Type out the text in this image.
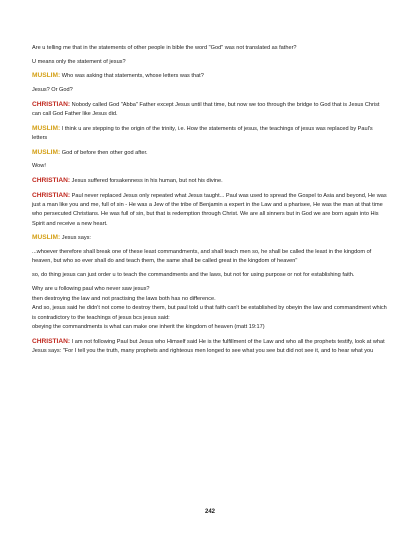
Are u telling me that in the statements of other people in bible the word "God" was not translated as father?

U means only the statement of jesus?

MUSLIM: Who was asking that statements, whose letters was that?

Jesus? Or God?

CHRISTIAN: Nobody called God "Abba" Father except Jesus until that time, but now we too through the bridge to God that is Jesus Christ can call God Father like Jesus did.

MUSLIM: I think u are stepping to the origin of the trinity, i.e. How the statements of jesus, the teachings of jesus was replaced by Paul's letters

MUSLIM: God of before then other god after.

Wow!

CHRISTIAN: Jesus suffered forsakenness in his human, but not his divine.

CHRISTIAN: Paul never replaced Jesus only repeated what Jesus taught... Paul was used to spread the Gospel to Asia and beyond, He was just a man like you and me, full of sin - He was a Jew of the tribe of Benjamin a expert in the Law and a pharisee, He was the man at that time who persecuted Christians. He was full of sin, but that is redemption through Christ. We are all sinners but in God we are born again into His Spirit and receive a new heart.

MUSLIM: Jesus says:

...whoever therefore shall break one of these least commandments, and shall teach men so, he shall be called the least in the kingdom of heaven, but who so ever shall do and teach them, the same shall be called great in the kingdom of heaven"

so, do thing jesus can just order u to teach the commandments and the laws, but not for using purpose or not for establishing faith.

Why are u following paul who never saw jesus?

then destroying the law and not practising the laws both has no difference.

And so, jesus said he didn't not come to destroy them, but paul told u that faith can't be established by obeyin the law and commandment which is contradictory to the teachings of jesus bcs jesus said:

obeying the commandments is what can make one inherit the kingdom of heaven (matt 19:17)

CHRISTIAN: I am not following Paul but Jesus who Himself said He is the fulfillment of the Law and who all the prophets testify, look at what Jesus says: "For I tell you the truth, many prophets and righteous men longed to see what you see but did not see it, and to hear what you

242
